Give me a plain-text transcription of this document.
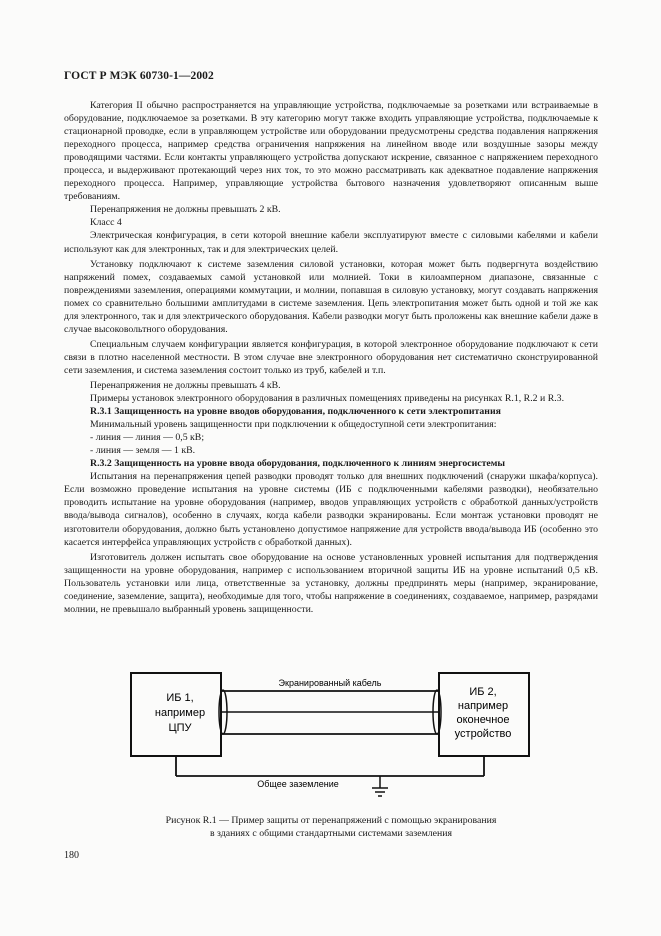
ГОСТ Р МЭК 60730-1—2002

Категория II обычно распространяется на управляющие устройства, подключаемые за розетками или встраиваемые в оборудование, подключаемое за розетками. В эту категорию могут также входить управляющие устройства, подключаемые к стационарной проводке, если в управляющем устройстве или оборудовании предусмотрены средства подавления напряжения переходного процесса, например средства ограничения напряжения на линейном вводе или воздушные зазоры между проводящими частями. Если контакты управляющего устройства допускают искрение, связанное с напряжением переходного процесса, и выдерживают протекающий через них ток, то это можно рассматривать как адекватное подавление напряжения переходного процесса. Например, управляющие устройства бытового назначения удовлетворяют описанным выше требованиям.

Перенапряжения не должны превышать 2 кВ.

Класс 4

Электрическая конфигурация, в сети которой внешние кабели эксплуатируют вместе с силовыми кабелями и кабели используют как для электронных, так и для электрических целей.

Установку подключают к системе заземления силовой установки, которая может быть подвергнута воздействию напряжений помех, создаваемых самой установкой или молнией. Токи в килоамперном диапазоне, связанные с повреждениями заземления, операциями коммутации, и молнии, попавшая в силовую установку, могут создавать напряжения помех со сравнительно большими амплитудами в системе заземления. Цепь электропитания может быть одной и той же как для электронного, так и для электрического оборудования. Кабели разводки могут быть проложены как внешние кабели даже в случае высоковольтного оборудования.

Специальным случаем конфигурации является конфигурация, в которой электронное оборудование подключают к сети связи в плотно населенной местности. В этом случае вне электронного оборудования нет систематично сконструированной сети заземления, и система заземления состоит только из труб, кабелей и т.п.

Перенапряжения не должны превышать 4 кВ.

Примеры установок электронного оборудования в различных помещениях приведены на рисунках R.1, R.2 и R.3.

R.3.1 Защищенность на уровне вводов оборудования, подключенного к сети электропитания

Минимальный уровень защищенности при подключении к общедоступной сети электропитания:

- линия — линия — 0,5 кВ;

- линия — земля — 1 кВ.

R.3.2 Защищенность на уровне ввода оборудования, подключенного к линиям энергосистемы

Испытания на перенапряжения цепей разводки проводят только для внешних подключений (снаружи шкафа/корпуса). Если возможно проведение испытания на уровне системы (ИБ с подключенными кабелями разводки), необязательно проводить испытание на уровне оборудования (например, вводов управляющих устройств с обработкой данных/устройств ввода/вывода сигналов), особенно в случаях, когда кабели разводки экранированы. Если монтаж установки проводят не изготовители оборудования, должно быть установлено допустимое напряжение для устройств ввода/вывода ИБ (особенно это касается интерфейса управляющих устройств с обработкой данных).

Изготовитель должен испытать свое оборудование на основе установленных уровней испытания для подтверждения защищенности на уровне оборудования, например с использованием вторичной защиты ИБ на уровне испытаний 0,5 кВ. Пользователь установки или лица, ответственные за установку, должны предпринять меры (например, экранирование, соединение, заземление, защита), необходимые для того, чтобы напряжение в соединениях, создаваемое, например, разрядами молнии, не превышало выбранный уровень защищенности.

ИБ 1,
например
ЦПУ
ИБ 2,
например
оконечное
устройство
Экранированный кабель
Общее заземление
Рисунок R.1 — Пример защиты от перенапряжений с помощью экранирования
в зданиях с общими стандартными системами заземления
180
